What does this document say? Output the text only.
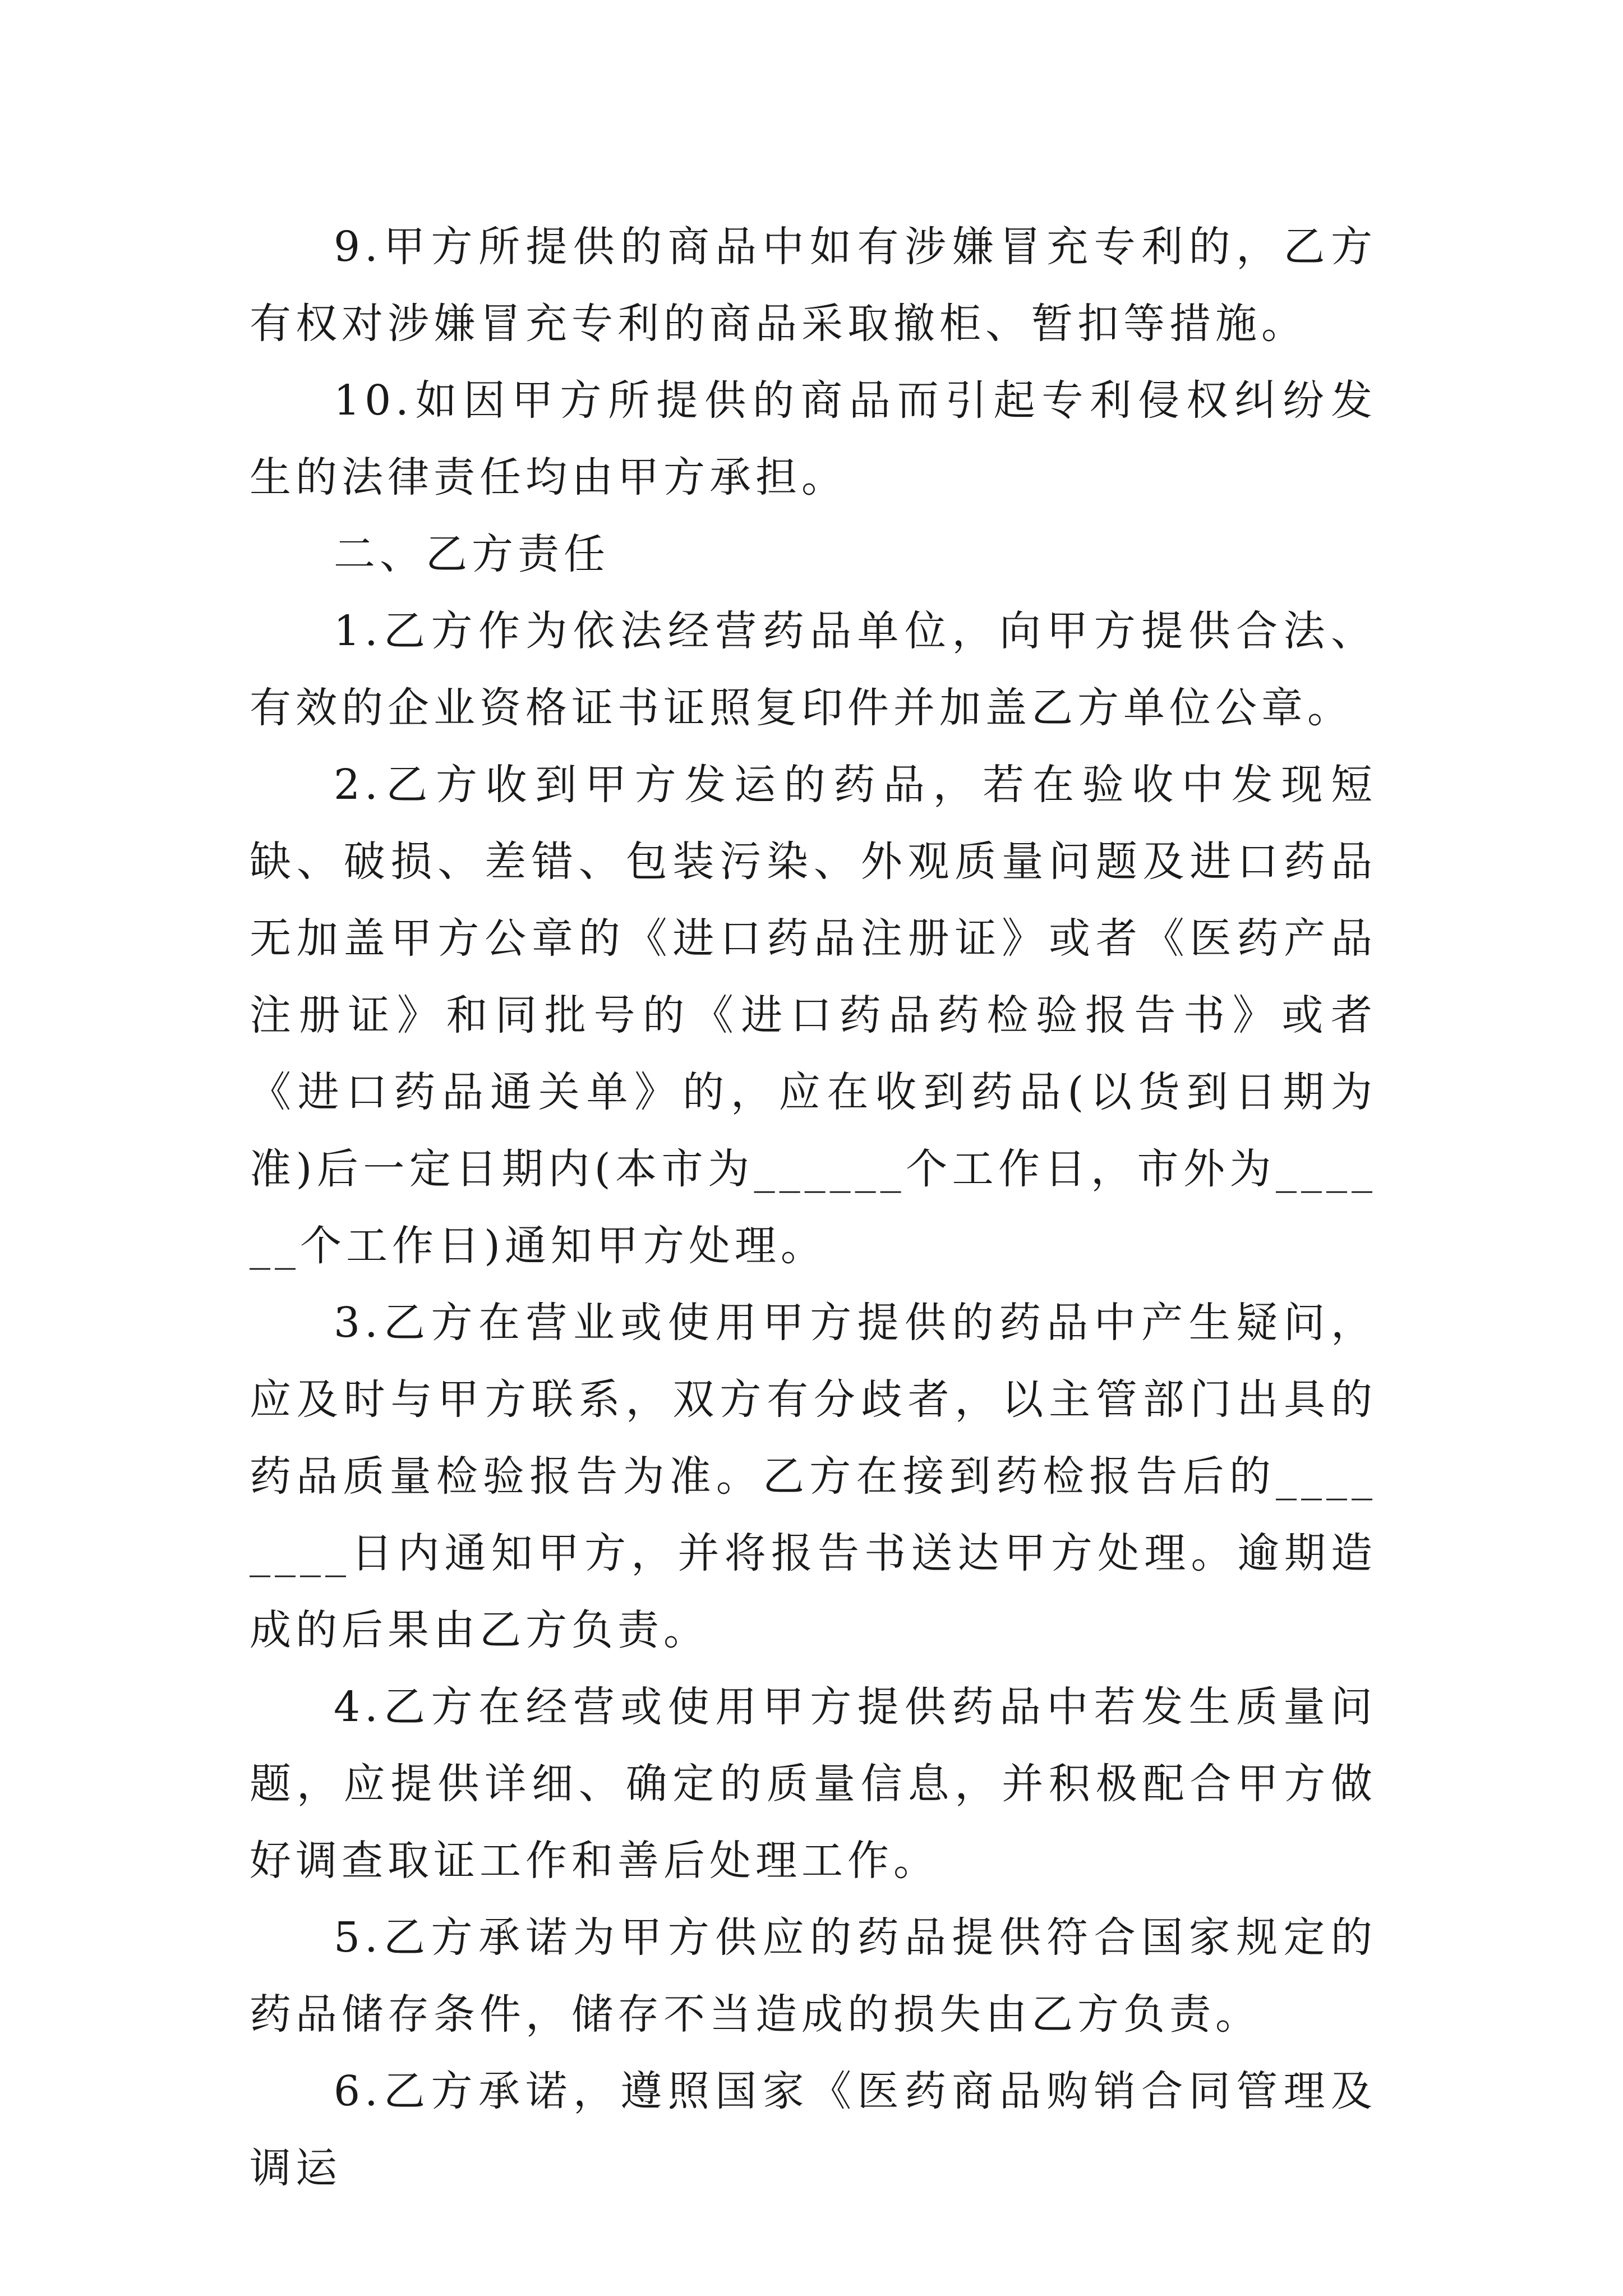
9.甲方所提供的商品中如有涉嫌冒充专利的，乙方有权对涉嫌冒充专利的商品采取撤柜、暂扣等措施。

10.如因甲方所提供的商品而引起专利侵权纠纷发生的法律责任均由甲方承担。

二、乙方责任

1.乙方作为依法经营药品单位，向甲方提供合法、有效的企业资格证书证照复印件并加盖乙方单位公章。

2.乙方收到甲方发运的药品，若在验收中发现短缺、破损、差错、包装污染、外观质量问题及进口药品无加盖甲方公章的《进口药品注册证》或者《医药产品注册证》和同批号的《进口药品药检验报告书》或者《进口药品通关单》的，应在收到药品(以货到日期为准)后一定日期内(本市为______个工作日，市外为______个工作日)通知甲方处理。

3.乙方在营业或使用甲方提供的药品中产生疑问，应及时与甲方联系，双方有分歧者，以主管部门出具的药品质量检验报告为准。乙方在接到药检报告后的________日内通知甲方，并将报告书送达甲方处理。逾期造成的后果由乙方负责。

4.乙方在经营或使用甲方提供药品中若发生质量问题，应提供详细、确定的质量信息，并积极配合甲方做好调查取证工作和善后处理工作。

5.乙方承诺为甲方供应的药品提供符合国家规定的药品储存条件，储存不当造成的损失由乙方负责。

6.乙方承诺，遵照国家《医药商品购销合同管理及调运
